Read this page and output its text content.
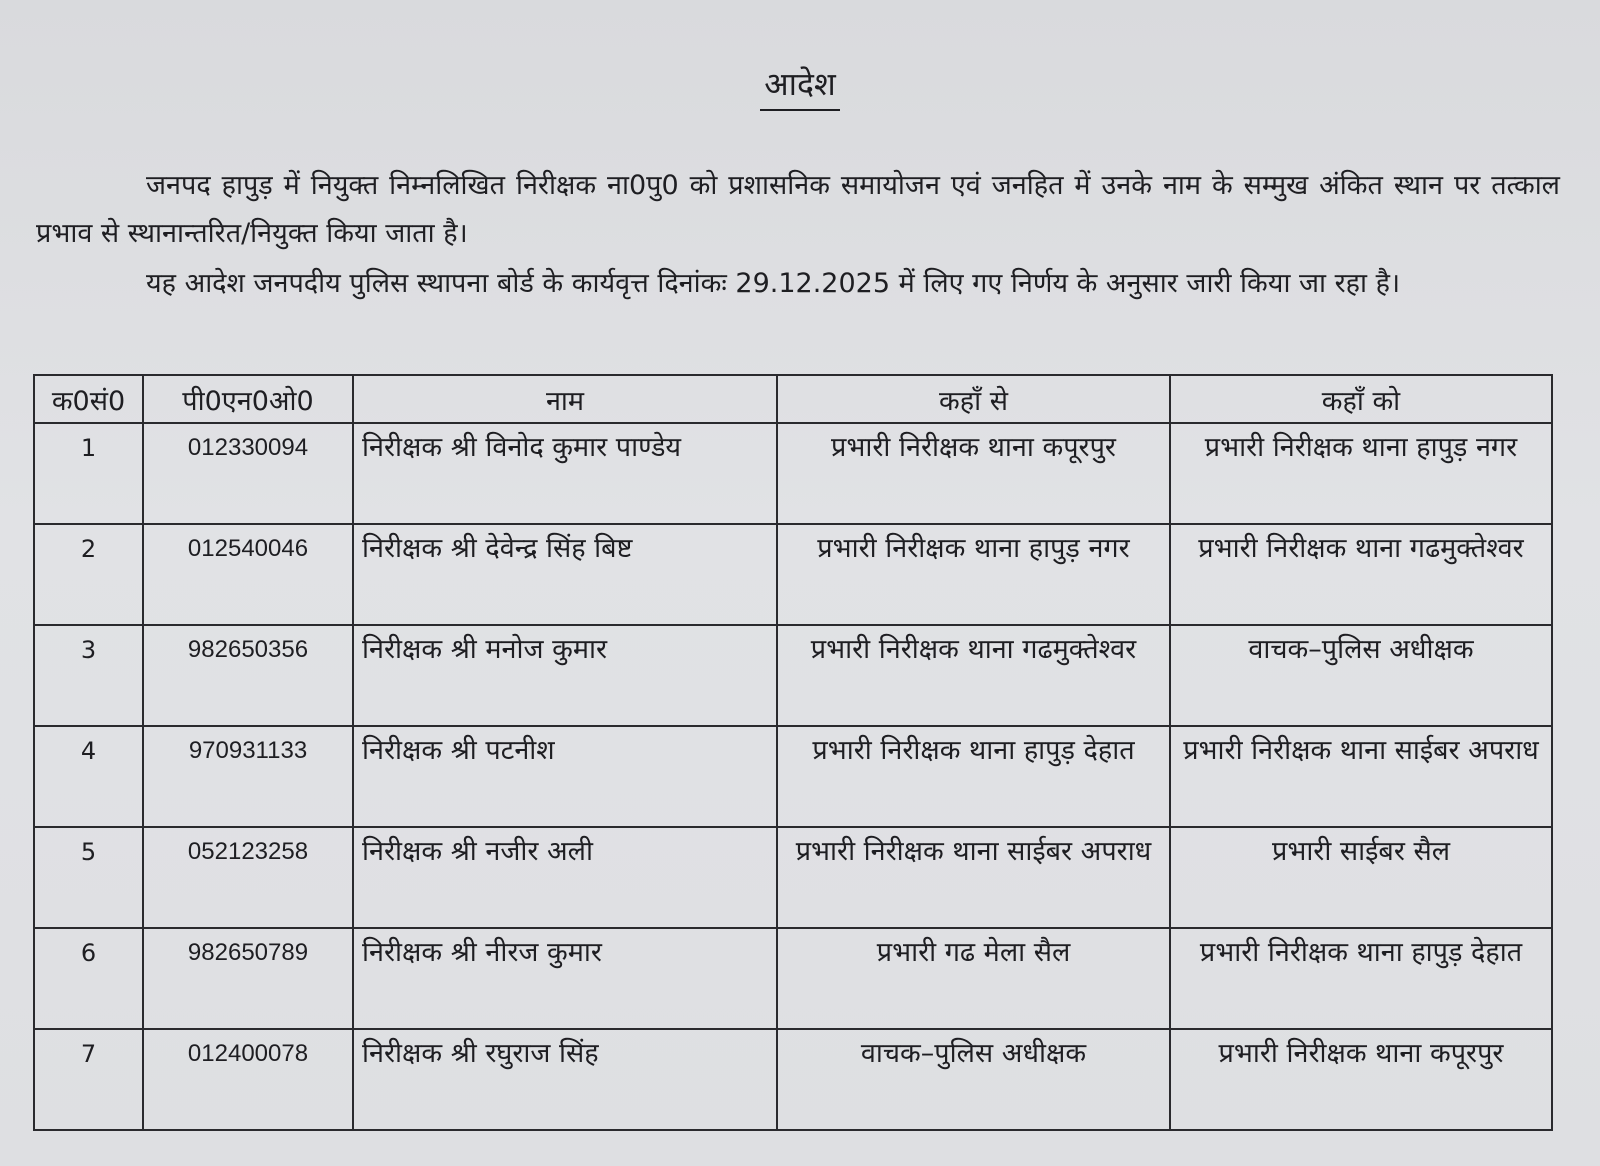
आदेश
जनपद हापुड़ में नियुक्त निम्नलिखित निरीक्षक ना0पु0 को प्रशासनिक समायोजन एवं जनहित में उनके नाम के सम्मुख अंकित स्थान पर तत्काल प्रभाव से स्थानान्तरित/नियुक्त किया जाता है।
यह आदेश जनपदीय पुलिस स्थापना बोर्ड के कार्यवृत्त दिनांकः 29.12.2025 में लिए गए निर्णय के अनुसार जारी किया जा रहा है।
क0सं0	पी0एन0ओ0	नाम	कहाँ से	कहाँ को
1	012330094	निरीक्षक श्री विनोद कुमार पाण्डेय	प्रभारी निरीक्षक थाना कपूरपुर	प्रभारी निरीक्षक थाना हापुड़ नगर
2	012540046	निरीक्षक श्री देवेन्द्र सिंह बिष्ट	प्रभारी निरीक्षक थाना हापुड़ नगर	प्रभारी निरीक्षक थाना गढमुक्तेश्वर
3	982650356	निरीक्षक श्री मनोज कुमार	प्रभारी निरीक्षक थाना गढमुक्तेश्वर	वाचक–पुलिस अधीक्षक
4	970931133	निरीक्षक श्री पटनीश	प्रभारी निरीक्षक थाना हापुड़ देहात	प्रभारी निरीक्षक थाना साईबर अपराध
5	052123258	निरीक्षक श्री नजीर अली	प्रभारी निरीक्षक थाना साईबर अपराध	प्रभारी साईबर सैल
6	982650789	निरीक्षक श्री नीरज कुमार	प्रभारी गढ मेला सैल	प्रभारी निरीक्षक थाना हापुड़ देहात
7	012400078	निरीक्षक श्री रघुराज सिंह	वाचक–पुलिस अधीक्षक	प्रभारी निरीक्षक थाना कपूरपुर
